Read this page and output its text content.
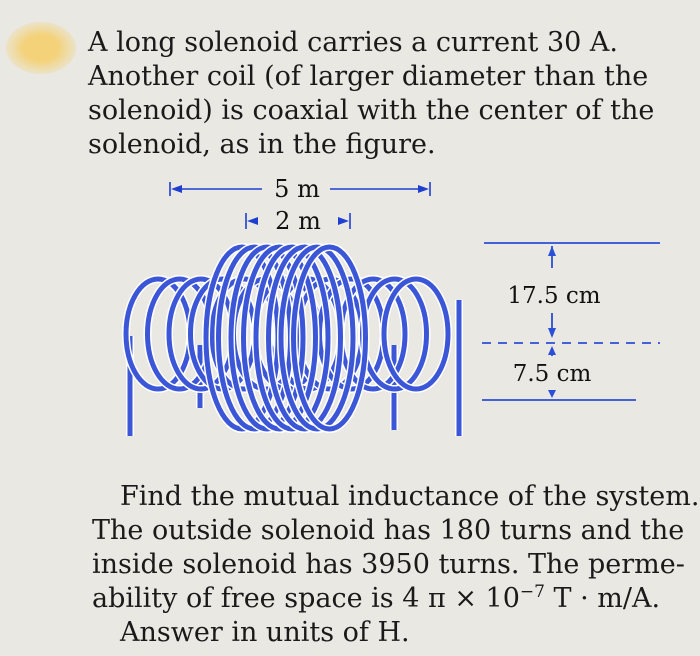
A long solenoid carries a current 30 A.
Another coil (of larger diameter than the
solenoid) is coaxial with the center of the
solenoid, as in the figure.

5 m
2 m
17.5 cm
7.5 cm
Find the mutual inductance of the system.
The outside solenoid has 180 turns and the
inside solenoid has 3950 turns. The perme-
ability of free space is 4 $\pi \times 10^{-7}$ T · m/A.
Answer in units of H.
